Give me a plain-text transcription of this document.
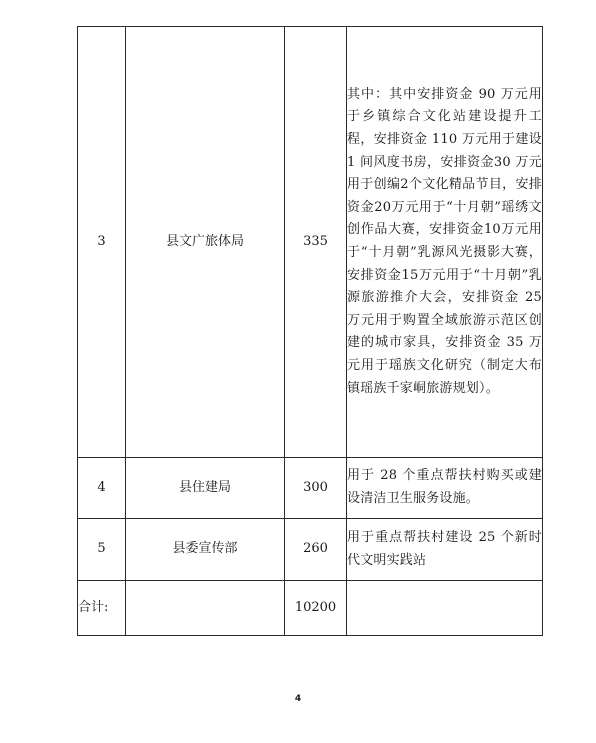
3	县文广旅体局	335	其中：其中安排资金 90 万元用于乡镇综合文化站建设提升工程，安排资金 110 万元用于建设 1 间风度书房，安排资金30 万元用于创编2个文化精品节目，安排资金20万元用于“十月朝”瑶绣文创作品大赛，安排资金10万元用于“十月朝”乳源风光摄影大赛，安排资金15万元用于“十月朝”乳源旅游推介大会，安排资金 25 万元用于购置全域旅游示范区创建的城市家具，安排资金 35 万元用于瑶族文化研究（制定大布镇瑶族千家峒旅游规划）。
4	县住建局	300	用于 28 个重点帮扶村购买或建设清洁卫生服务设施。
5	县委宣传部	260	用于重点帮扶村建设 25 个新时代文明实践站
合计:		10200	
4
